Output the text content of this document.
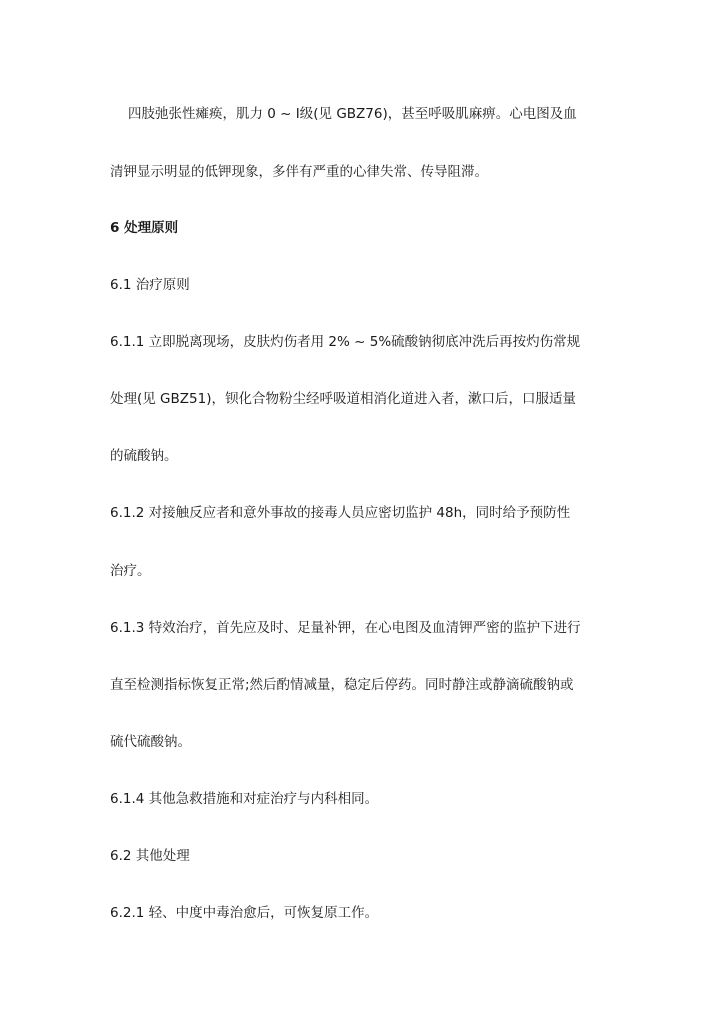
四肢弛张性瘫痪，肌力 0 ~ Ⅰ级(见 GBZ76)，甚至呼吸肌麻痹。心电图及血
清钾显示明显的低钾现象，多伴有严重的心律失常、传导阻滞。
6 处理原则
6.1 治疗原则
6.1.1 立即脱离现场，皮肤灼伤者用 2% ~ 5%硫酸钠彻底冲洗后再按灼伤常规
处理(见 GBZ51)，钡化合物粉尘经呼吸道相消化道进入者，漱口后，口服适量
的硫酸钠。
6.1.2 对接触反应者和意外事故的接毒人员应密切监护 48h，同时给予预防性
治疗。
6.1.3 特效治疗，首先应及时、足量补钾，在心电图及血清钾严密的监护下进行
直至检测指标恢复正常;然后酌情减量，稳定后停药。同时静注或静滴硫酸钠或
硫代硫酸钠。
6.1.4 其他急救措施和对症治疗与内科相同。
6.2 其他处理
6.2.1 轻、中度中毒治愈后，可恢复原工作。
